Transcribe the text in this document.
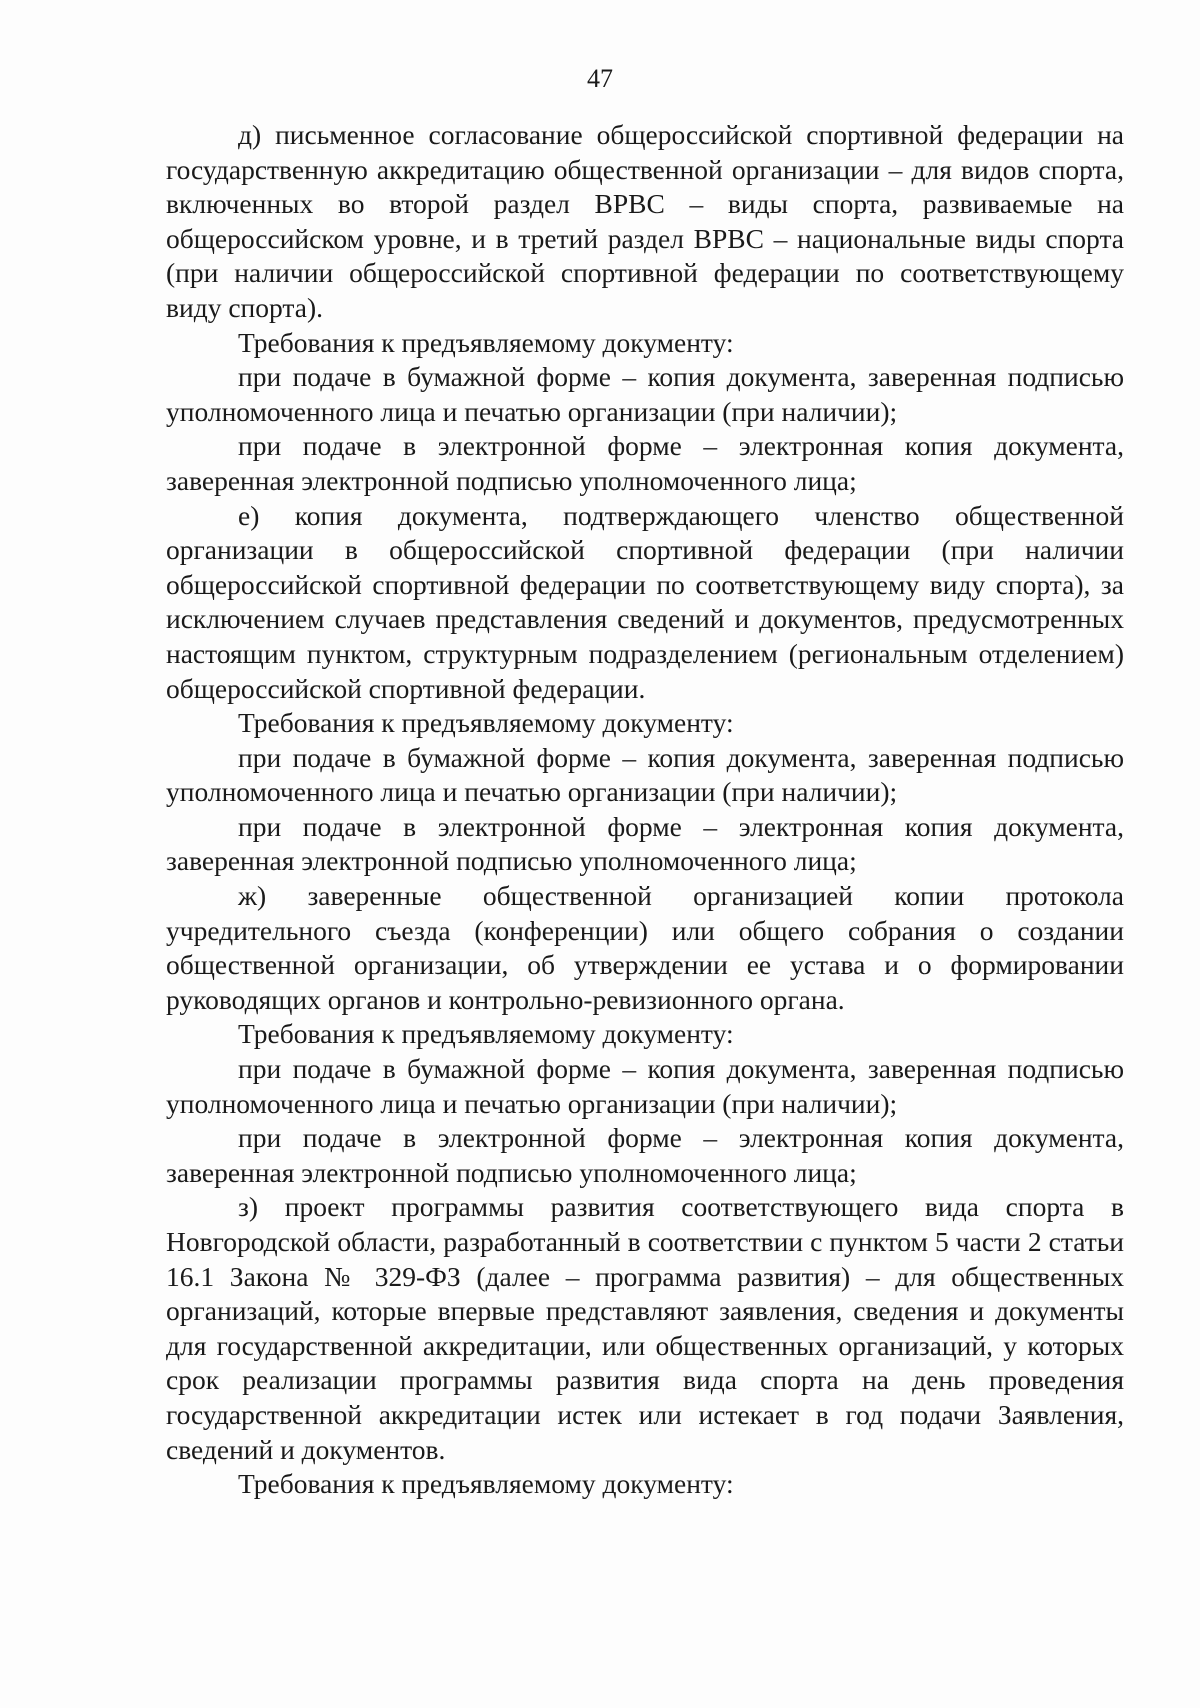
47

д) письменное согласование общероссийской спортивной федерации на государственную аккредитацию общественной организации – для видов спорта, включенных во второй раздел ВРВС – виды спорта, развиваемые на общероссийском уровне, и в третий раздел ВРВС – национальные виды спорта (при наличии общероссийской спортивной федерации по соответствующему виду спорта).

Требования к предъявляемому документу:

при подаче в бумажной форме – копия документа, заверенная подписью уполномоченного лица и печатью организации (при наличии);

при подаче в электронной форме – электронная копия документа, заверенная электронной подписью уполномоченного лица;

е) копия документа, подтверждающего членство общественной организации в общероссийской спортивной федерации (при наличии общероссийской спортивной федерации по соответствующему виду спорта), за исключением случаев представления сведений и документов, предусмотренных настоящим пунктом, структурным подразделением (региональным отделением) общероссийской спортивной федерации.

Требования к предъявляемому документу:

при подаче в бумажной форме – копия документа, заверенная подписью уполномоченного лица и печатью организации (при наличии);

при подаче в электронной форме – электронная копия документа, заверенная электронной подписью уполномоченного лица;

ж) заверенные общественной организацией копии протокола учредительного съезда (конференции) или общего собрания о создании общественной организации, об утверждении ее устава и о формировании руководящих органов и контрольно-ревизионного органа.

Требования к предъявляемому документу:

при подаче в бумажной форме – копия документа, заверенная подписью уполномоченного лица и печатью организации (при наличии);

при подаче в электронной форме – электронная копия документа, заверенная электронной подписью уполномоченного лица;

з) проект программы развития соответствующего вида спорта в Новгородской области, разработанный в соответствии с пунктом 5 части 2 статьи 16.1 Закона № 329-ФЗ (далее – программа развития) – для общественных организаций, которые впервые представляют заявления, сведения и документы для государственной аккредитации, или общественных организаций, у которых срок реализации программы развития вида спорта на день проведения государственной аккредитации истек или истекает в год подачи Заявления, сведений и документов.

Требования к предъявляемому документу:
